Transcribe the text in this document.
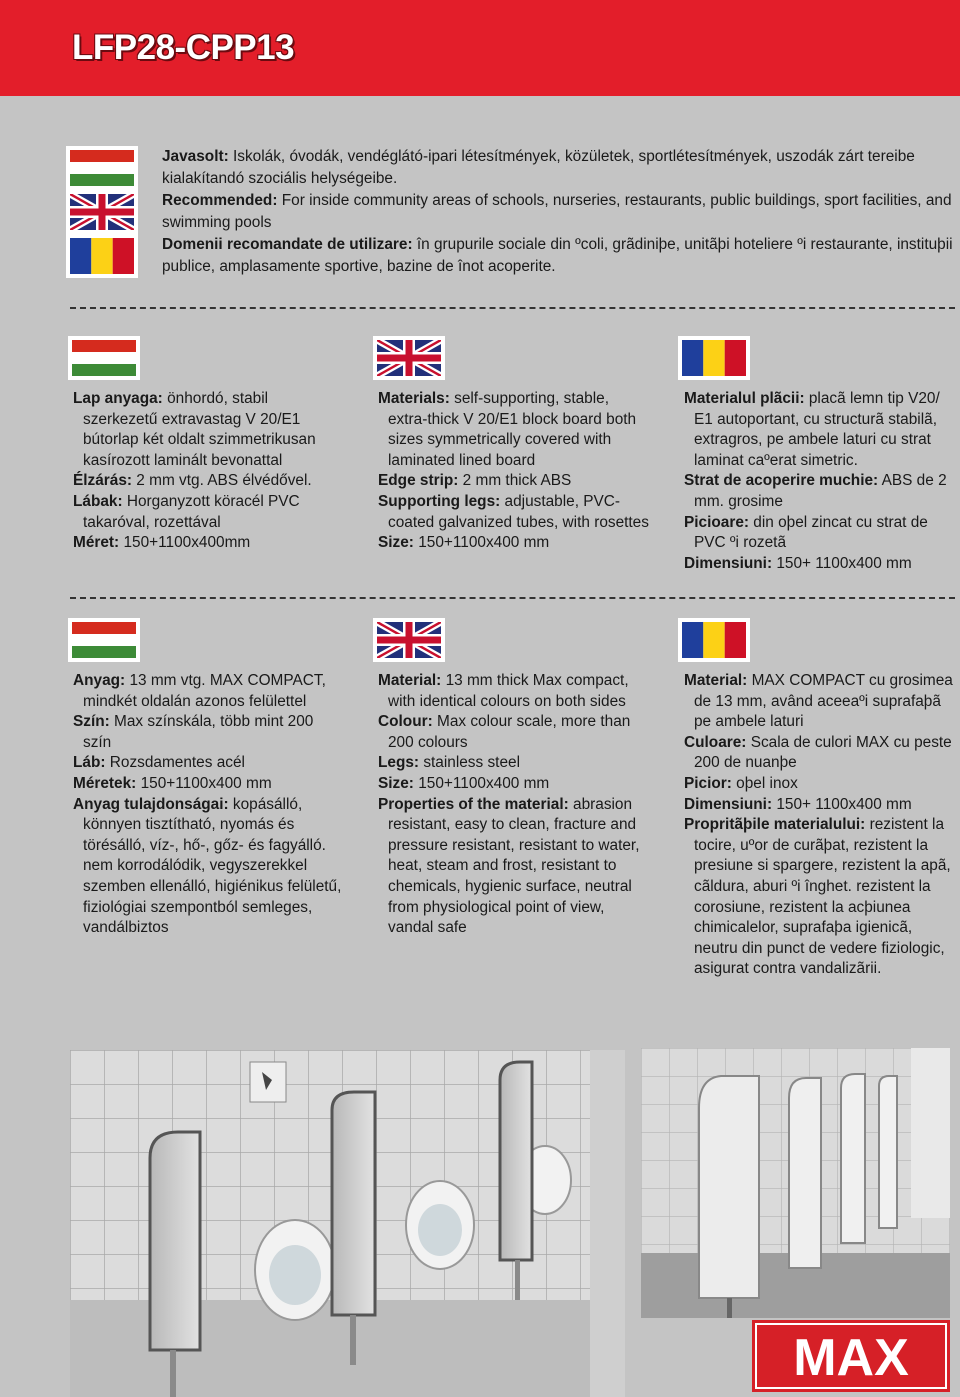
LFP28-CPP13

Javasolt: Iskolák, óvodák, vendéglátó-ipari létesítmények, közületek, sportlétesítmények, uszodák zárt tereibe kialakítandó szociális helységeibe.

Recommended: For inside community areas of schools, nurseries, restaurants, public buildings, sport facilities, and swimming pools

Domenii recomandate de utilizare: în grupurile sociale din ºcoli, grãdiniþe, unitãþi hoteliere ºi restaurante, instituþii publice, amplasamente sportive, bazine de înot acoperite.

Lap anyaga: önhordó, stabil szerkezetű extravastag V 20/E1 bútorlap két oldalt szimmetrikusan kasírozott laminált bevonattal

Élzárás: 2 mm vtg. ABS élvédővel.

Lábak: Horganyzott köracél PVC takaróval, rozettával

Méret: 150+1100x400mm

Materials: self-supporting, stable, extra-thick V 20/E1 block board both sizes symmetrically covered with laminated lined board

Edge strip: 2 mm thick ABS

Supporting legs: adjustable, PVC-coated galvanized tubes, with rosettes

Size: 150+1100x400 mm

Materialul plãcii: placã lemn tip V20/ E1 autoportant, cu structurã stabilã, extragros, pe ambele laturi cu strat laminat caºerat simetric.

Strat de acoperire muchie: ABS de 2 mm. grosime

Picioare: din oþel zincat cu strat de PVC ºi rozetã

Dimensiuni: 150+ 1100x400 mm

Anyag: 13 mm vtg. MAX COMPACT, mindkét oldalán azonos felülettel

Szín: Max színskála, több mint 200 szín

Láb: Rozsdamentes acél

Méretek: 150+1100x400 mm

Anyag tulajdonságai: kopásálló, könnyen tisztítható, nyomás és törésálló, víz-, hő-, gőz- és fagyálló. nem korrodálódik, vegyszerekkel szemben ellenálló, higiénikus felületű, fiziológiai szempontból semleges, vandálbiztos

Material: 13 mm thick Max compact, with identical colours on both sides

Colour: Max colour scale, more than 200 colours

Legs: stainless steel

Size: 150+1100x400 mm

Properties of the material: abrasion resistant, easy to clean, fracture and pressure resistant, resistant to water, heat, steam and frost, resistant to chemicals, hygienic surface, neutral from physiological point of view, vandal safe

Material: MAX COMPACT cu grosimea de 13 mm, având aceeaºi suprafaþã pe ambele laturi

Culoare: Scala de culori MAX cu peste 200 de nuanþe

Picior: oþel inox

Dimensiuni: 150+ 1100x400 mm

Propritãþile materialului: rezistent la tocire, uºor de curãþat, rezistent la presiune si spargere, rezistent la apã, cãldura, aburi ºi înghet. rezistent la corosiune, rezistent la acþiunea chimicalelor, suprafaþa igienicã, neutru din punct de vedere fiziologic, asigurat contra vandalizãrii.

MAX
